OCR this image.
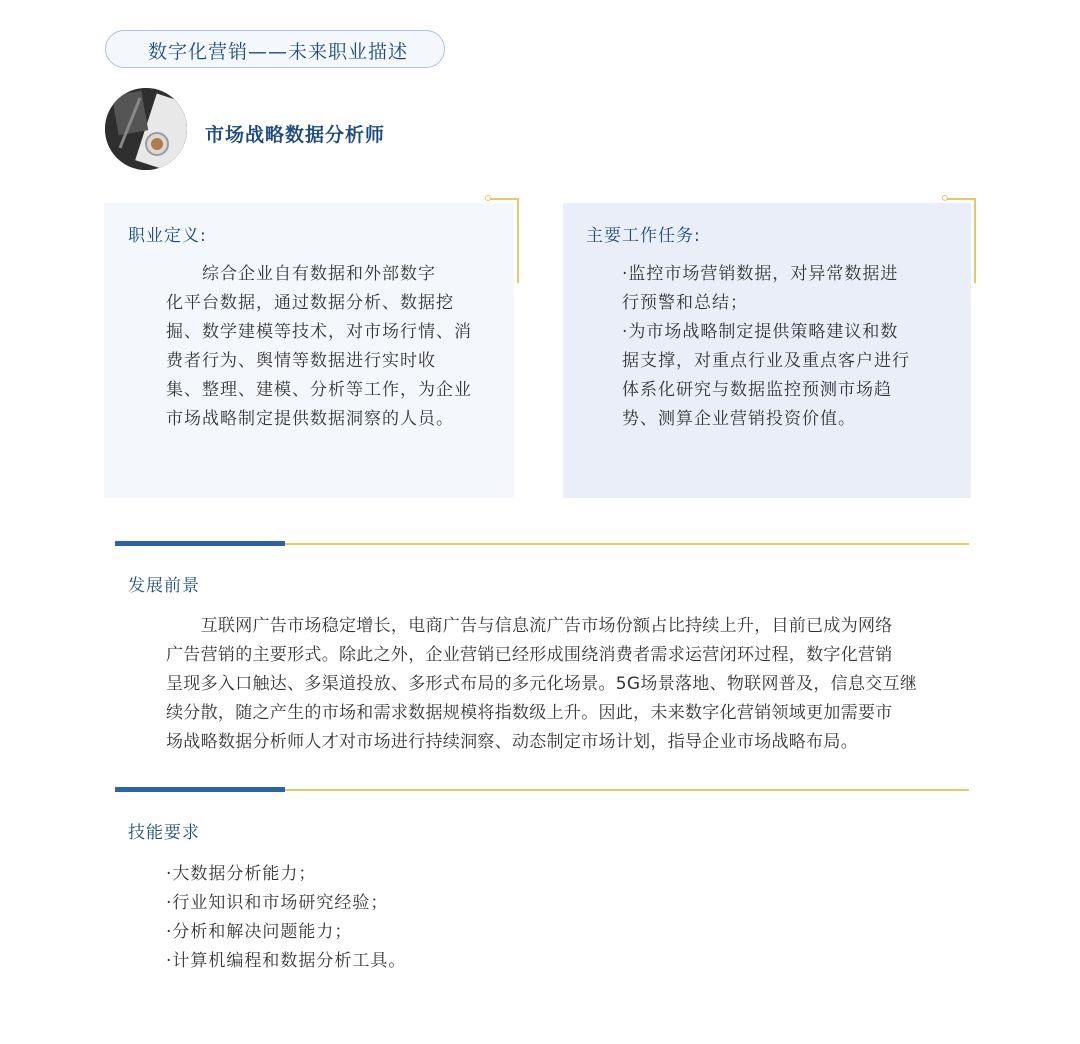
数字化营销——未来职业描述
市场战略数据分析师
职业定义:
　　综合企业自有数据和外部数字
化平台数据，通过数据分析、数据挖
掘、数学建模等技术，对市场行情、消
费者行为、舆情等数据进行实时收
集、整理、建模、分析等工作，为企业
市场战略制定提供数据洞察的人员。
主要工作任务:
·监控市场营销数据，对异常数据进
行预警和总结；
·为市场战略制定提供策略建议和数
据支撑，对重点行业及重点客户进行
体系化研究与数据监控预测市场趋
势、测算企业营销投资价值。
发展前景
　　互联网广告市场稳定增长，电商广告与信息流广告市场份额占比持续上升，目前已成为网络
广告营销的主要形式。除此之外，企业营销已经形成围绕消费者需求运营闭环过程，数字化营销
呈现多入口触达、多渠道投放、多形式布局的多元化场景。5G场景落地、物联网普及，信息交互继
续分散，随之产生的市场和需求数据规模将指数级上升。因此，未来数字化营销领域更加需要市
场战略数据分析师人才对市场进行持续洞察、动态制定市场计划，指导企业市场战略布局。
技能要求
·大数据分析能力；
·行业知识和市场研究经验；
·分析和解决问题能力；
·计算机编程和数据分析工具。
